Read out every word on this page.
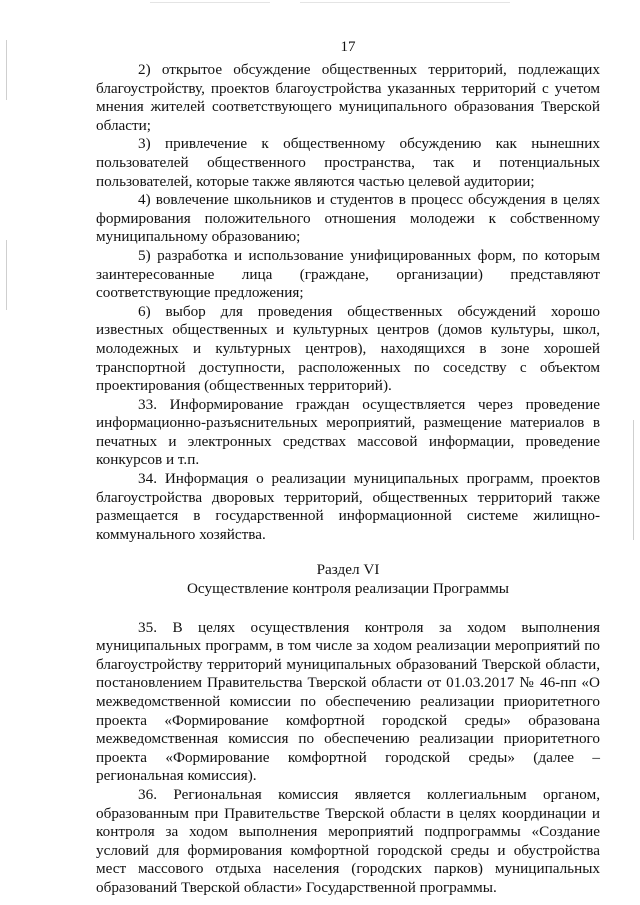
17

2) открытое обсуждение общественных территорий, подлежащих благоустройству, проектов благоустройства указанных территорий с учетом мнения жителей соответствующего муниципального образования Тверской области;

3) привлечение к общественному обсуждению как нынешних пользователей общественного пространства, так и потенциальных пользователей, которые также являются частью целевой аудитории;

4) вовлечение школьников и студентов в процесс обсуждения в целях формирования положительного отношения молодежи к собственному муниципальному образованию;

5) разработка и использование унифицированных форм, по которым заинтересованные лица (граждане, организации) представляют соответствующие предложения;

6) выбор для проведения общественных обсуждений хорошо известных общественных и культурных центров (домов культуры, школ, молодежных и культурных центров), находящихся в зоне хорошей транспортной доступности, расположенных по соседству с объектом проектирования (общественных территорий).

33. Информирование граждан осуществляется через проведение информационно-разъяснительных мероприятий, размещение материалов в печатных и электронных средствах массовой информации, проведение конкурсов и т.п.

34. Информация о реализации муниципальных программ, проектов благоустройства дворовых территорий, общественных территорий также размещается в государственной информационной системе жилищно-коммунального хозяйства.

Раздел VI

Осуществление контроля реализации Программы

35. В целях осуществления контроля за ходом выполнения муниципальных программ, в том числе за ходом реализации мероприятий по благоустройству территорий муниципальных образований Тверской области, постановлением Правительства Тверской области от 01.03.2017 № 46-пп «О межведомственной комиссии по обеспечению реализации приоритетного проекта «Формирование комфортной городской среды» образована межведомственная комиссия по обеспечению реализации приоритетного проекта «Формирование комфортной городской среды» (далее – региональная комиссия).

36. Региональная комиссия является коллегиальным органом, образованным при Правительстве Тверской области в целях координации и контроля за ходом выполнения мероприятий подпрограммы «Создание условий для формирования комфортной городской среды и обустройства мест массового отдыха населения (городских парков) муниципальных образований Тверской области» Государственной программы.
